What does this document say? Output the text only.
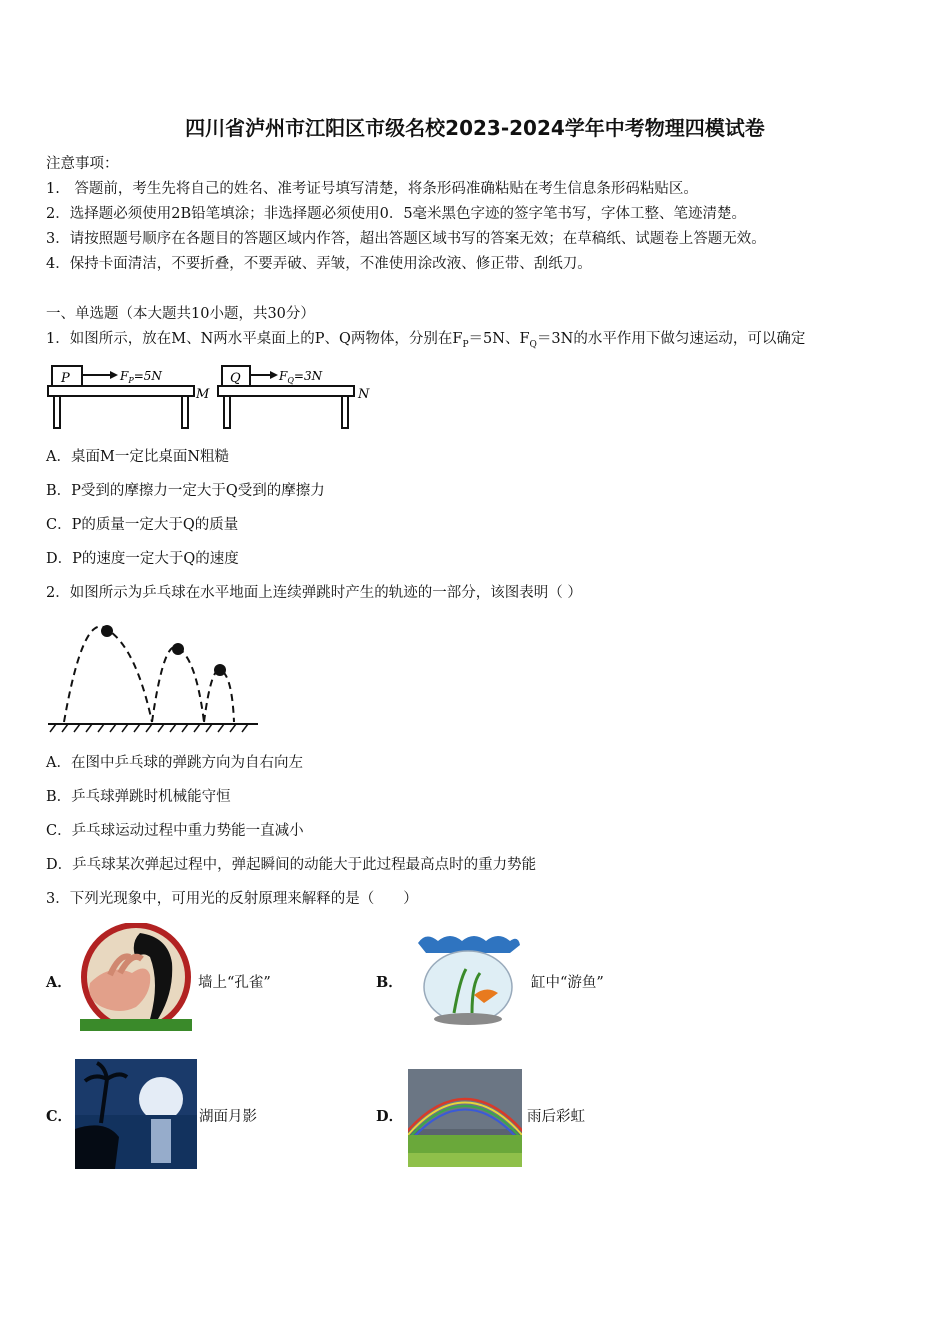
四川省泸州市江阳区市级名校2023-2024学年中考物理四模试卷
注意事项：
1.　答题前，考生先将自己的姓名、准考证号填写清楚，将条形码准确粘贴在考生信息条形码粘贴区。
2．选择题必须使用2B铅笔填涂；非选择题必须使用0．5毫米黑色字迹的签字笔书写，字体工整、笔迹清楚。
3．请按照题号顺序在各题目的答题区域内作答，超出答题区域书写的答案无效；在草稿纸、试题卷上答题无效。
4．保持卡面清洁，不要折叠，不要弄破、弄皱，不准使用涂改液、修正带、刮纸刀。
一、单选题（本大题共10小题，共30分）
1．如图所示，放在M、N两水平桌面上的P、Q两物体，分别在$F_P=5N$、$F_Q=3N$的水平作用下做匀速运动，可以确定
P	$F_P=5N$
M
Q	$F_Q=3N$
N
A．桌面M一定比桌面N粗糙
B．P受到的摩擦力一定大于Q受到的摩擦力
C．P的质量一定大于Q的质量
D．P的速度一定大于Q的速度
2．如图所示为乒乓球在水平地面上连续弹跳时产生的轨迹的一部分，该图表明（ ）
A．在图中乒乓球的弹跳方向为自右向左
B．乒乓球弹跳时机械能守恒
C．乒乓球运动过程中重力势能一直减小
D．乒乓球某次弹起过程中，弹起瞬间的动能大于此过程最高点时的重力势能
3．下列光现象中，可用光的反射原理来解释的是（　　）
A．	墙上“孔雀”	B．	缸中“游鱼”
C．	湖面月影	D．	雨后彩虹
